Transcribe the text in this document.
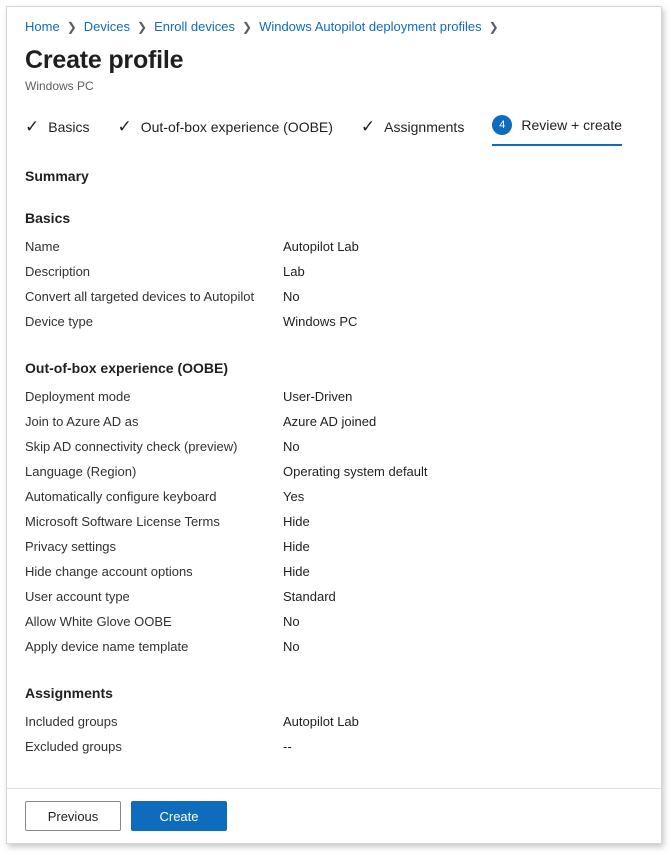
Home ❯ Devices ❯ Enroll devices ❯ Windows Autopilot deployment profiles ❯
Create profile
Windows PC
✓ Basics ✓ Out-of-box experience (OOBE) ✓ Assignments	4	Review + create
Summary
Basics
Name	Autopilot Lab
Description	Lab
Convert all targeted devices to Autopilot	No
Device type	Windows PC
Out-of-box experience (OOBE)
Deployment mode	User-Driven
Join to Azure AD as	Azure AD joined
Skip AD connectivity check (preview)	No
Language (Region)	Operating system default
Automatically configure keyboard	Yes
Microsoft Software License Terms	Hide
Privacy settings	Hide
Hide change account options	Hide
User account type	Standard
Allow White Glove OOBE	No
Apply device name template	No
Assignments
Included groups	Autopilot Lab
Excluded groups	--
Previous	Create
